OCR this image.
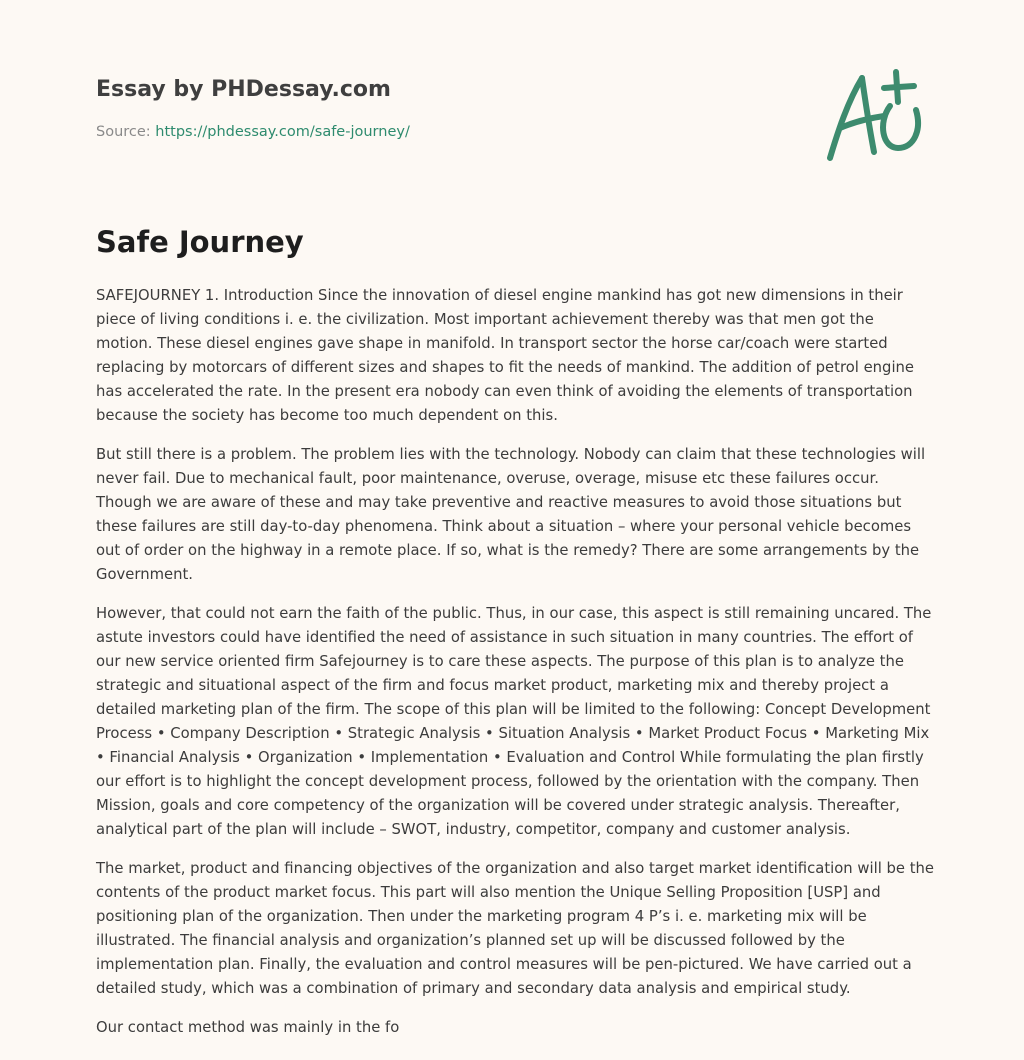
Essay by PHDessay.com

Source: https://phdessay.com/safe-journey/

Safe Journey

SAFEJOURNEY 1. Introduction Since the innovation of diesel engine mankind has got new dimensions in their piece of living conditions i. e. the civilization. Most important achievement thereby was that men got the motion. These diesel engines gave shape in manifold. In transport sector the horse car/coach were started replacing by motorcars of different sizes and shapes to fit the needs of mankind. The addition of petrol engine has accelerated the rate. In the present era nobody can even think of avoiding the elements of transportation because the society has become too much dependent on this.

But still there is a problem. The problem lies with the technology. Nobody can claim that these technologies will never fail. Due to mechanical fault, poor maintenance, overuse, overage, misuse etc these failures occur. Though we are aware of these and may take preventive and reactive measures to avoid those situations but these failures are still day-to-day phenomena. Think about a situation – where your personal vehicle becomes out of order on the highway in a remote place. If so, what is the remedy? There are some arrangements by the Government.

However, that could not earn the faith of the public. Thus, in our case, this aspect is still remaining uncared. The astute investors could have identified the need of assistance in such situation in many countries. The effort of our new service oriented firm Safejourney is to care these aspects. The purpose of this plan is to analyze the strategic and situational aspect of the firm and focus market product, marketing mix and thereby project a detailed marketing plan of the firm. The scope of this plan will be limited to the following: Concept Development Process • Company Description • Strategic Analysis • Situation Analysis • Market Product Focus • Marketing Mix • Financial Analysis • Organization • Implementation • Evaluation and Control While formulating the plan firstly our effort is to highlight the concept development process, followed by the orientation with the company. Then Mission, goals and core competency of the organization will be covered under strategic analysis. Thereafter, analytical part of the plan will include – SWOT, industry, competitor, company and customer analysis.

The market, product and financing objectives of the organization and also target market identification will be the contents of the product market focus. This part will also mention the Unique Selling Proposition [USP] and positioning plan of the organization. Then under the marketing program 4 P’s i. e. marketing mix will be illustrated. The financial analysis and organization’s planned set up will be discussed followed by the implementation plan. Finally, the evaluation and control measures will be pen-pictured. We have carried out a detailed study, which was a combination of primary and secondary data analysis and empirical study.

Our contact method was mainly in the fo
